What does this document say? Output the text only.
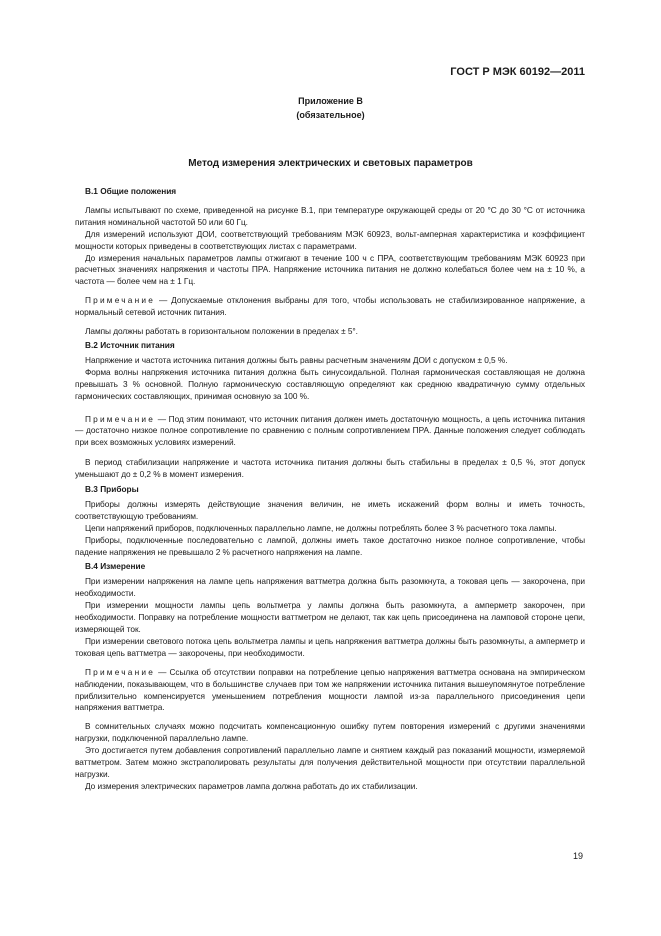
ГОСТ Р МЭК 60192—2011
Приложение В
(обязательное)
Метод измерения электрических и световых параметров
В.1 Общие положения

Лампы испытывают по схеме, приведенной на рисунке В.1, при температуре окружающей среды от 20 °С до 30 °С от источника питания номинальной частотой 50 или 60 Гц.

Для измерений используют ДОИ, соответствующий требованиям МЭК 60923, вольт-амперная характеристика и коэффициент мощности которых приведены в соответствующих листах с параметрами.

До измерения начальных параметров лампы отжигают в течение 100 ч с ПРА, соответствующим требованиям МЭК 60923 при расчетных значениях напряжения и частоты ПРА. Напряжение источника питания не должно колебаться более чем на ± 10 %, а частота — более чем на ± 1 Гц.

Примечание — Допускаемые отклонения выбраны для того, чтобы использовать не стабилизированное напряжение, а нормальный сетевой источник питания.

Лампы должны работать в горизонтальном положении в пределах ± 5°.

В.2 Источник питания

Напряжение и частота источника питания должны быть равны расчетным значениям ДОИ с допуском ± 0,5 %.

Форма волны напряжения источника питания должна быть синусоидальной. Полная гармоническая составляющая не должна превышать 3 % основной. Полную гармоническую составляющую определяют как среднюю квадратичную сумму отдельных гармонических составляющих, принимая основную за 100 %.

Примечание — Под этим понимают, что источник питания должен иметь достаточную мощность, а цепь источника питания — достаточно низкое полное сопротивление по сравнению с полным сопротивлением ПРА. Данные положения следует соблюдать при всех возможных условиях измерений.

В период стабилизации напряжение и частота источника питания должны быть стабильны в пределах ± 0,5 %, этот допуск уменьшают до ± 0,2 % в момент измерения.

В.3 Приборы

Приборы должны измерять действующие значения величин, не иметь искажений форм волны и иметь точность, соответствующую требованиям.

Цепи напряжений приборов, подключенных параллельно лампе, не должны потреблять более 3 % расчетного тока лампы.

Приборы, подключенные последовательно с лампой, должны иметь такое достаточно низкое полное сопротивление, чтобы падение напряжения не превышало 2 % расчетного напряжения на лампе.

В.4 Измерение

При измерении напряжения на лампе цепь напряжения ваттметра должна быть разомкнута, а токовая цепь — закорочена, при необходимости.

При измерении мощности лампы цепь вольтметра у лампы должна быть разомкнута, а амперметр закорочен, при необходимости. Поправку на потребление мощности ваттметром не делают, так как цепь присоединена на ламповой стороне цепи, измеряющей ток.

При измерении светового потока цепь вольтметра лампы и цепь напряжения ваттметра должны быть разомкнуты, а амперметр и токовая цепь ваттметра — закорочены, при необходимости.

Примечание — Ссылка об отсутствии поправки на потребление цепью напряжения ваттметра основана на эмпирическом наблюдении, показывающем, что в большинстве случаев при том же напряжении источника питания вышеупомянутое потребление приблизительно компенсируется уменьшением потребления мощности лампой из-за параллельного присоединения цепи напряжения ваттметра.

В сомнительных случаях можно подсчитать компенсационную ошибку путем повторения измерений с другими значениями нагрузки, подключенной параллельно лампе.

Это достигается путем добавления сопротивлений параллельно лампе и снятием каждый раз показаний мощности, измеряемой ваттметром. Затем можно экстраполировать результаты для получения действительной мощности при отсутствии параллельной нагрузки.

До измерения электрических параметров лампа должна работать до их стабилизации.

19
